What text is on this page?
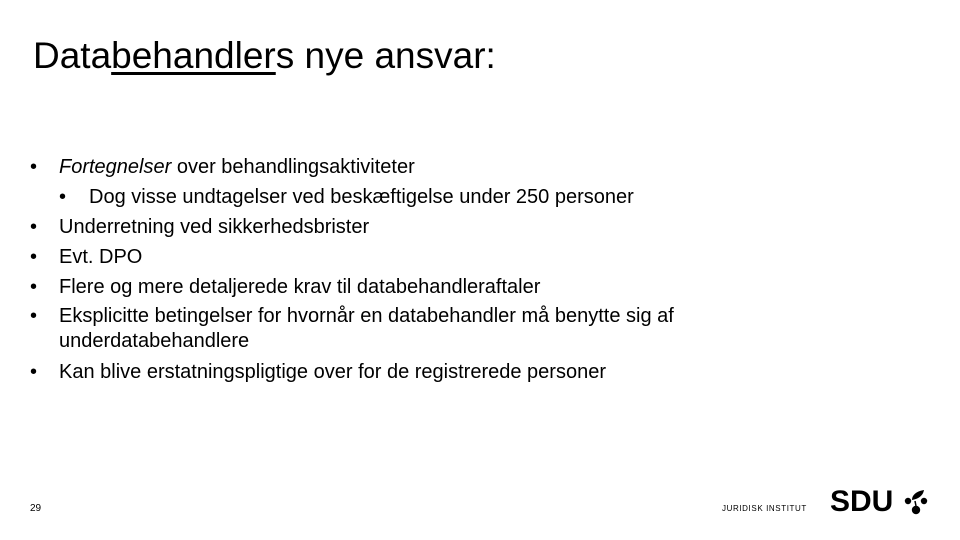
Databehandlers nye ansvar:
• Fortegnelser over behandlingsaktiviteter
• Dog visse undtagelser ved beskæftigelse under 250 personer
• Underretning ved sikkerhedsbrister
• Evt. DPO
• Flere og mere detaljerede krav til databehandleraftaler
• Eksplicitte betingelser for hvornår en databehandler må benytte sig af underdatabehandlere
• Kan blive erstatningspligtige over for de registrerede personer
29	JURIDISK INSTITUT SDU
